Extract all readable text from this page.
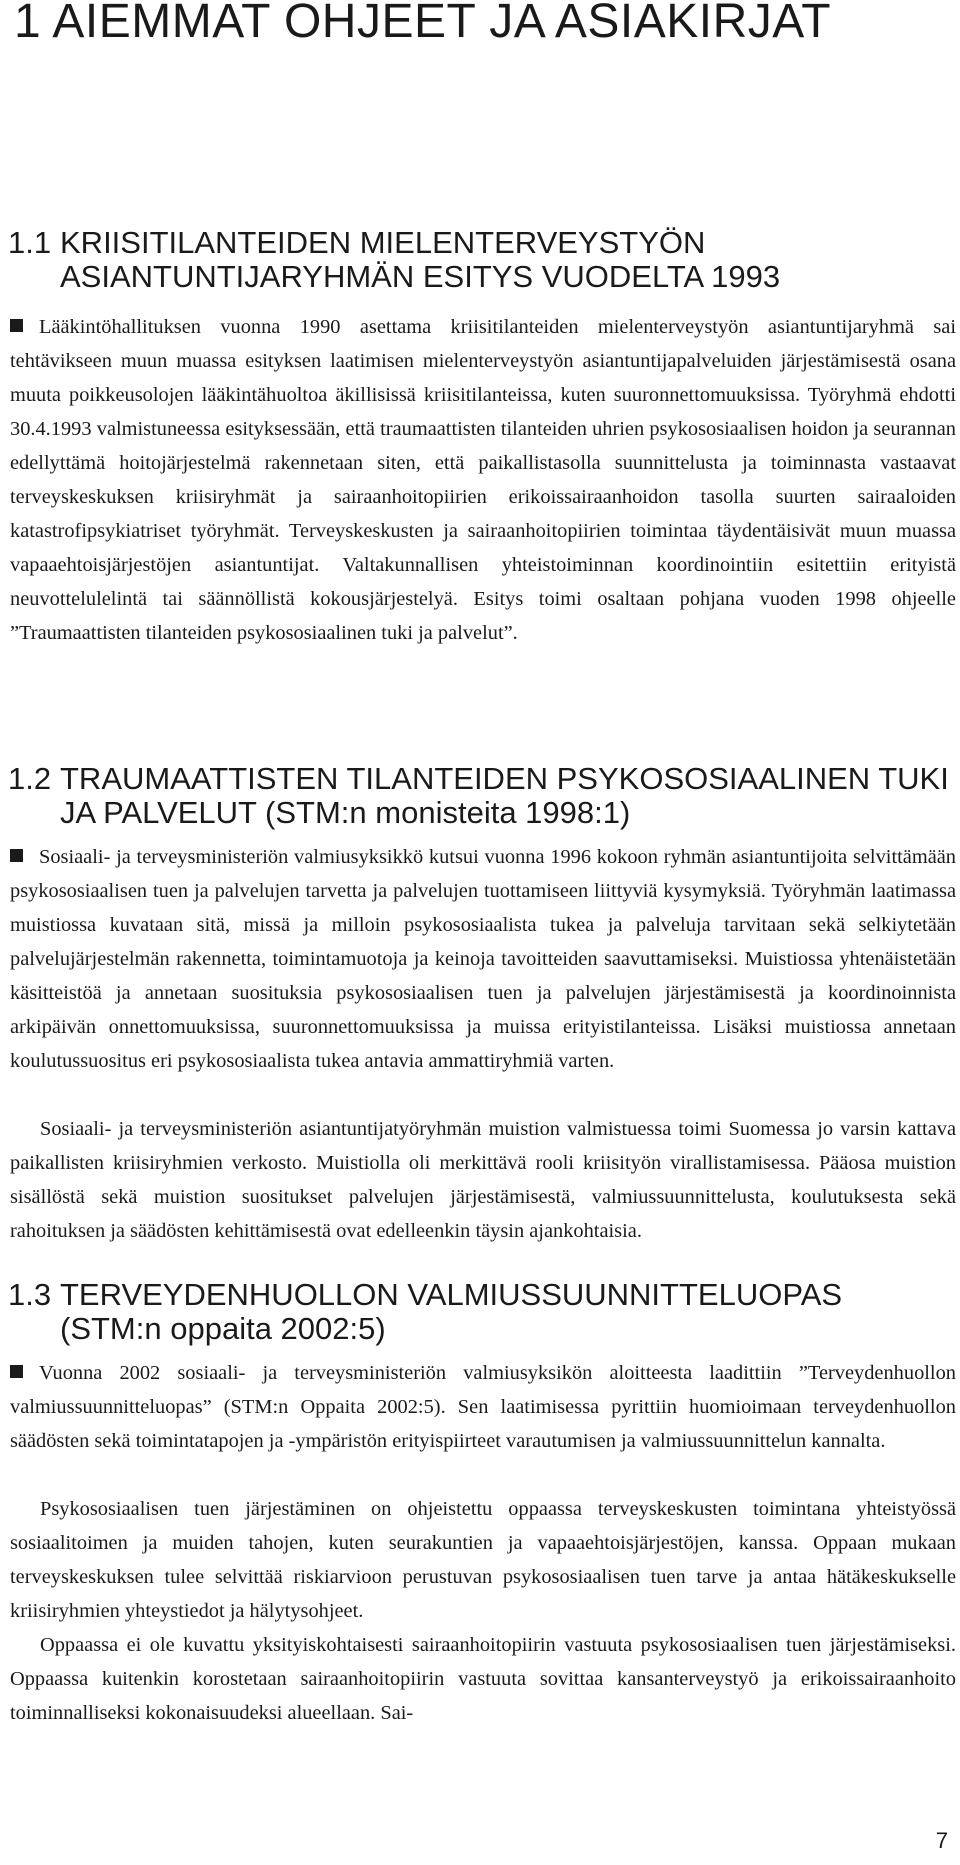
1 AIEMMAT OHJEET JA ASIAKIRJAT
1.1 KRIISITILANTEIDEN MIELENTERVEYSTYÖN
ASIANTUNTIJARYHMÄN ESITYS VUODELTA 1993

Lääkintöhallituksen vuonna 1990 asettama kriisitilanteiden mielenterveystyön asiantuntijaryhmä sai tehtävikseen muun muassa esityksen laatimisen mielenterveystyön asiantuntijapalveluiden järjestämisestä osana muuta poikkeusolojen lääkintähuoltoa äkillisissä kriisitilanteissa, kuten suuronnettomuuksissa. Työryhmä ehdotti 30.4.1993 valmistuneessa esityksessään, että traumaattisten tilanteiden uhrien psykososiaalisen hoidon ja seurannan edellyttämä hoitojärjestelmä rakennetaan siten, että paikallistasolla suunnittelusta ja toiminnasta vastaavat terveyskeskuksen kriisiryhmät ja sairaanhoitopiirien erikoissairaanhoidon tasolla suurten sairaaloiden katastrofipsykiatriset työryhmät. Terveyskeskusten ja sairaanhoitopiirien toimintaa täydentäisivät muun muassa vapaaehtoisjärjestöjen asiantuntijat. Valtakunnallisen yhteistoiminnan koordinointiin esitettiin erityistä neuvottelulelintä tai säännöllistä kokousjärjestelyä. Esitys toimi osaltaan pohjana vuoden 1998 ohjeelle ”Traumaattisten tilanteiden psykososiaalinen tuki ja palvelut”.

1.2 TRAUMAATTISTEN TILANTEIDEN PSYKOSOSIAALINEN TUKI
JA PALVELUT (STM:n monisteita 1998:1)

Sosiaali- ja terveysministeriön valmiusyksikkö kutsui vuonna 1996 kokoon ryhmän asiantuntijoita selvittämään psykososiaalisen tuen ja palvelujen tarvetta ja palvelujen tuottamiseen liittyviä kysymyksiä. Työryhmän laatimassa muistiossa kuvataan sitä, missä ja milloin psykososiaalista tukea ja palveluja tarvitaan sekä selkiytetään palvelujärjestelmän rakennetta, toimintamuotoja ja keinoja tavoitteiden saavuttamiseksi. Muistiossa yhtenäistetään käsitteistöä ja annetaan suosituksia psykososiaalisen tuen ja palvelujen järjestämisestä ja koordinoinnista arkipäivän onnettomuuksissa, suuronnettomuuksissa ja muissa erityistilanteissa. Lisäksi muistiossa annetaan koulutussuositus eri psykososiaalista tukea antavia ammattiryhmiä varten.

Sosiaali- ja terveysministeriön asiantuntijatyöryhmän muistion valmistuessa toimi Suomessa jo varsin kattava paikallisten kriisiryhmien verkosto. Muistiolla oli merkittävä rooli kriisityön virallistamisessa. Pääosa muistion sisällöstä sekä muistion suositukset palvelujen järjestämisestä, valmiussuunnittelusta, koulutuksesta sekä rahoituksen ja säädösten kehittämisestä ovat edelleenkin täysin ajankohtaisia.

1.3 TERVEYDENHUOLLON VALMIUSSUUNNITTELUOPAS
(STM:n oppaita 2002:5)

Vuonna 2002 sosiaali- ja terveysministeriön valmiusyksikön aloitteesta laadittiin ”Terveydenhuollon valmiussuunnitteluopas” (STM:n Oppaita 2002:5). Sen laatimisessa pyrittiin huomioimaan terveydenhuollon säädösten sekä toimintatapojen ja -ympäristön erityispiirteet varautumisen ja valmiussuunnittelun kannalta.

Psykososiaalisen tuen järjestäminen on ohjeistettu oppaassa terveyskeskusten toimintana yhteistyössä sosiaalitoimen ja muiden tahojen, kuten seurakuntien ja vapaaehtoisjärjestöjen, kanssa. Oppaan mukaan terveyskeskuksen tulee selvittää riskiarvioon perustuvan psykososiaalisen tuen tarve ja antaa hätäkeskukselle kriisiryhmien yhteystiedot ja hälytysohjeet.

Oppaassa ei ole kuvattu yksityiskohtaisesti sairaanhoitopiirin vastuuta psykososiaalisen tuen järjestämiseksi. Oppaassa kuitenkin korostetaan sairaanhoitopiirin vastuuta sovittaa kansanterveystyö ja erikoissairaanhoito toiminnalliseksi kokonaisuudeksi alueellaan. Sai-

7
